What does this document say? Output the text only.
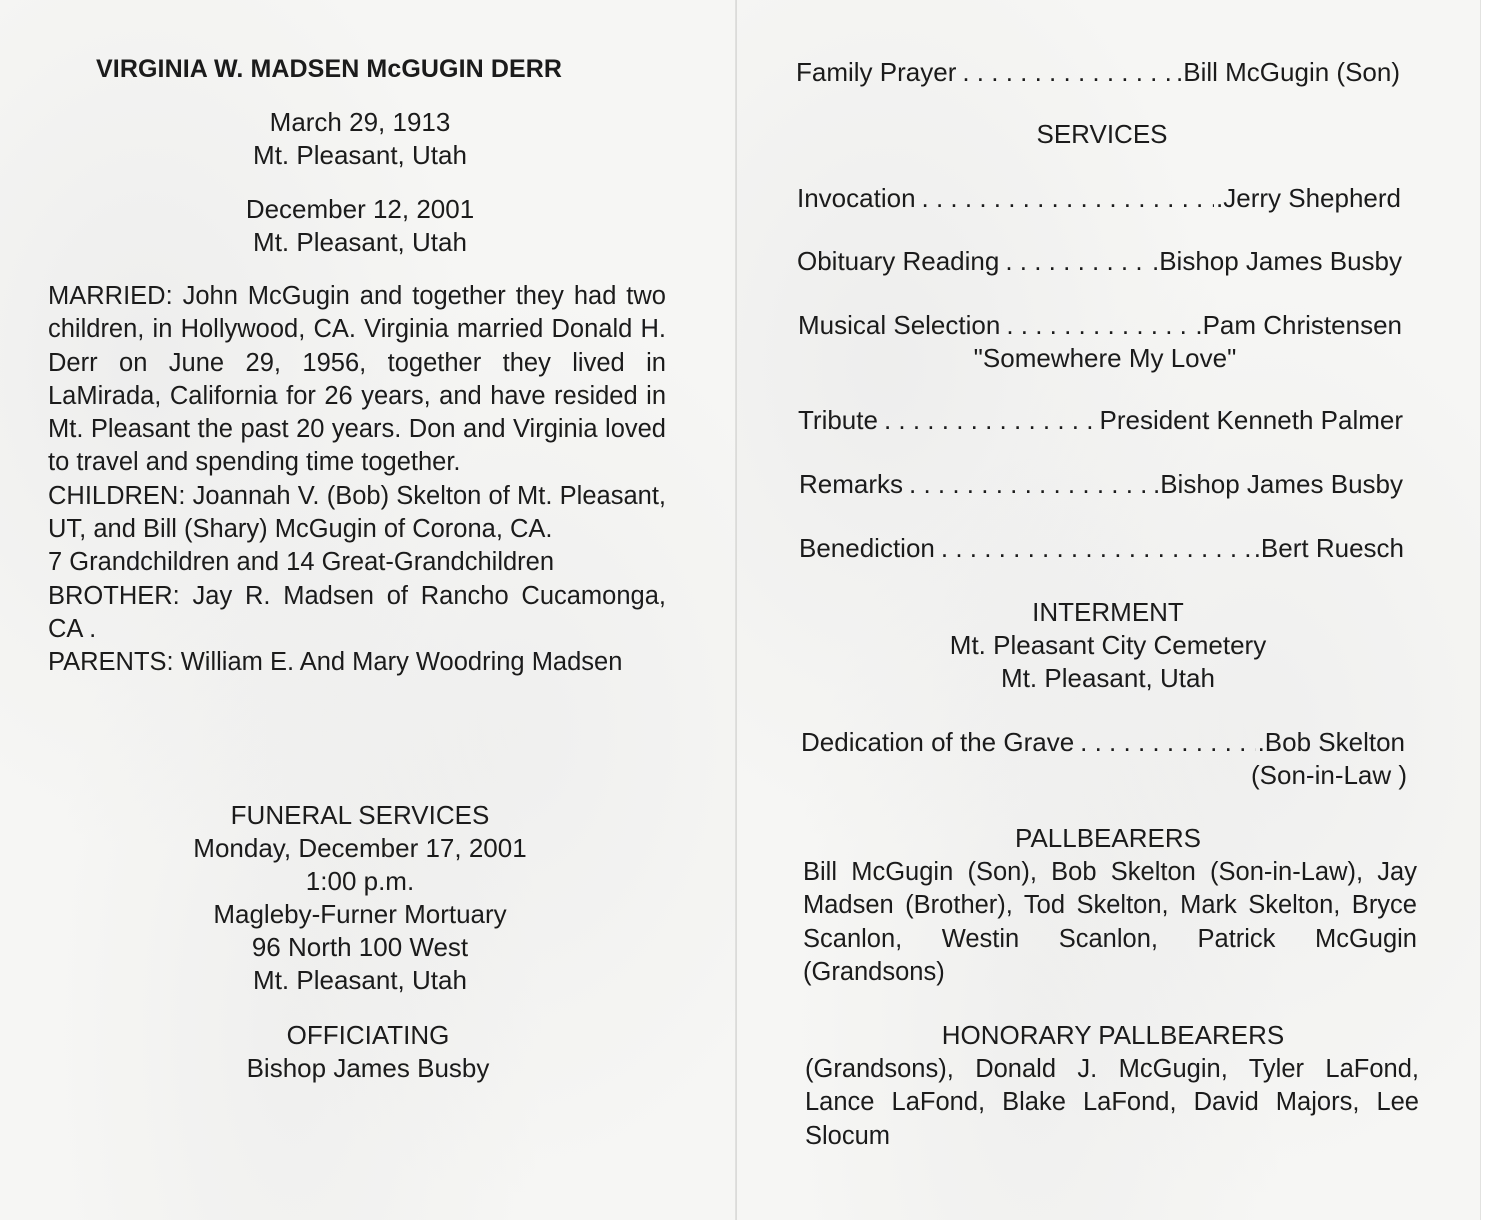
VIRGINIA W. MADSEN McGUGIN DERR
March 29, 1913
Mt. Pleasant, Utah
December 12, 2001
Mt. Pleasant, Utah
MARRIED: John McGugin and together they had two children, in Hollywood, CA. Virginia married Donald H. Derr on June 29, 1956, together they lived in LaMirada, California for 26 years, and have resided in Mt. Pleasant the past 20 years. Don and Virginia loved to travel and spending time together.
CHILDREN: Joannah V. (Bob) Skelton of Mt. Pleasant, UT, and Bill (Shary) McGugin of Corona, CA.
7 Grandchildren and 14 Great-Grandchildren
BROTHER: Jay R. Madsen of Rancho Cucamonga, CA .
PARENTS: William E. And Mary Woodring Madsen
FUNERAL SERVICES
Monday, December 17, 2001
1:00 p.m.
Magleby-Furner Mortuary
96 North 100 West
Mt. Pleasant, Utah
OFFICIATING
Bishop James Busby
Family Prayer . . .	.Bill McGugin (Son)
SERVICES
Invocation . . .	.Jerry Shepherd
Obituary Reading . . .	.Bishop James Busby
Musical Selection . . .	.Pam Christensen
"Somewhere My Love"
Tribute . . .	President Kenneth Palmer
Remarks . . .	.Bishop James Busby
Benediction . . .	.Bert Ruesch
INTERMENT
Mt. Pleasant City Cemetery
Mt. Pleasant, Utah
Dedication of the Grave . . .	.Bob Skelton
(Son-in-Law )
PALLBEARERS
Bill McGugin (Son), Bob Skelton (Son-in-Law), Jay Madsen (Brother), Tod Skelton, Mark Skelton, Bryce Scanlon, Westin Scanlon, Patrick McGugin (Grandsons)
HONORARY PALLBEARERS
(Grandsons), Donald J. McGugin, Tyler LaFond, Lance LaFond, Blake LaFond, David Majors, Lee Slocum
